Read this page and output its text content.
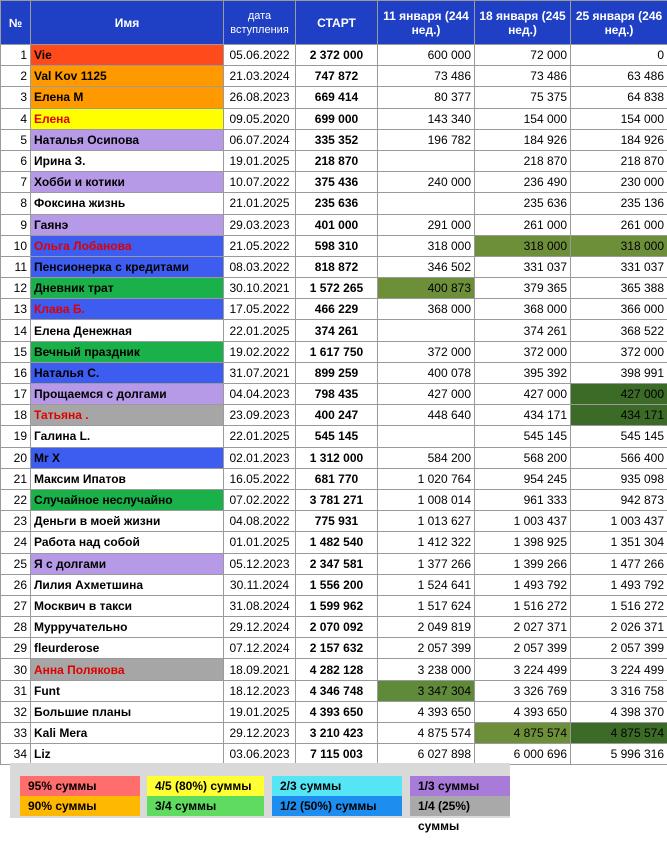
№	Имя	дата вступления	СТАРТ	11 января (244 нед.)	18 января (245 нед.)	25 января (246 нед.)
1	Vie	05.06.2022	2 372 000	600 000	72 000	0
2	Val Kov 1125	21.03.2024	747 872	73 486	73 486	63 486
3	Елена М	26.08.2023	669 414	80 377	75 375	64 838
4	Елена	09.05.2020	699 000	143 340	154 000	154 000
5	Наталья Осипова	06.07.2024	335 352	196 782	184 926	184 926
6	Ирина З.	19.01.2025	218 870		218 870	218 870
7	Хобби и котики	10.07.2022	375 436	240 000	236 490	230 000
8	Фоксина жизнь	21.01.2025	235 636		235 636	235 136
9	Гаянэ	29.03.2023	401 000	291 000	261 000	261 000
10	Ольга Лобанова	21.05.2022	598 310	318 000	318 000	318 000
11	Пенсионерка с кредитами	08.03.2022	818 872	346 502	331 037	331 037
12	Дневник трат	30.10.2021	1 572 265	400 873	379 365	365 388
13	Клава Б.	17.05.2022	466 229	368 000	368 000	366 000
14	Елена Денежная	22.01.2025	374 261		374 261	368 522
15	Вечный праздник	19.02.2022	1 617 750	372 000	372 000	372 000
16	Наталья С.	31.07.2021	899 259	400 078	395 392	398 991
17	Прощаемся с долгами	04.04.2023	798 435	427 000	427 000	427 000
18	Татьяна .	23.09.2023	400 247	448 640	434 171	434 171
19	Галина L.	22.01.2025	545 145		545 145	545 145
20	Mr X	02.01.2023	1 312 000	584 200	568 200	566 400
21	Максим Ипатов	16.05.2022	681 770	1 020 764	954 245	935 098
22	Случайное неслучайно	07.02.2022	3 781 271	1 008 014	961 333	942 873
23	Деньги в моей жизни	04.08.2022	775 931	1 013 627	1 003 437	1 003 437
24	Работа над собой	01.01.2025	1 482 540	1 412 322	1 398 925	1 351 304
25	Я с долгами	05.12.2023	2 347 581	1 377 266	1 399 266	1 477 266
26	Лилия Ахметшина	30.11.2024	1 556 200	1 524 641	1 493 792	1 493 792
27	Москвич в такси	31.08.2024	1 599 962	1 517 624	1 516 272	1 516 272
28	Мурручательно	29.12.2024	2 070 092	2 049 819	2 027 371	2 026 371
29	fleurderose	07.12.2024	2 157 632	2 057 399	2 057 399	2 057 399
30	Анна Полякова	18.09.2021	4 282 128	3 238 000	3 224 499	3 224 499
31	Funt	18.12.2023	4 346 748	3 347 304	3 326 769	3 316 758
32	Большие планы	19.01.2025	4 393 650	4 393 650	4 393 650	4 398 370
33	Kali Mera	29.12.2023	3 210 423	4 875 574	4 875 574	4 875 574
34	Liz	03.06.2023	7 115 003	6 027 898	6 000 696	5 996 316
95% суммы	4/5 (80%) суммы	2/3 суммы	1/3 суммы
90% суммы	3/4 суммы	1/2 (50%) суммы	1/4 (25%) суммы
